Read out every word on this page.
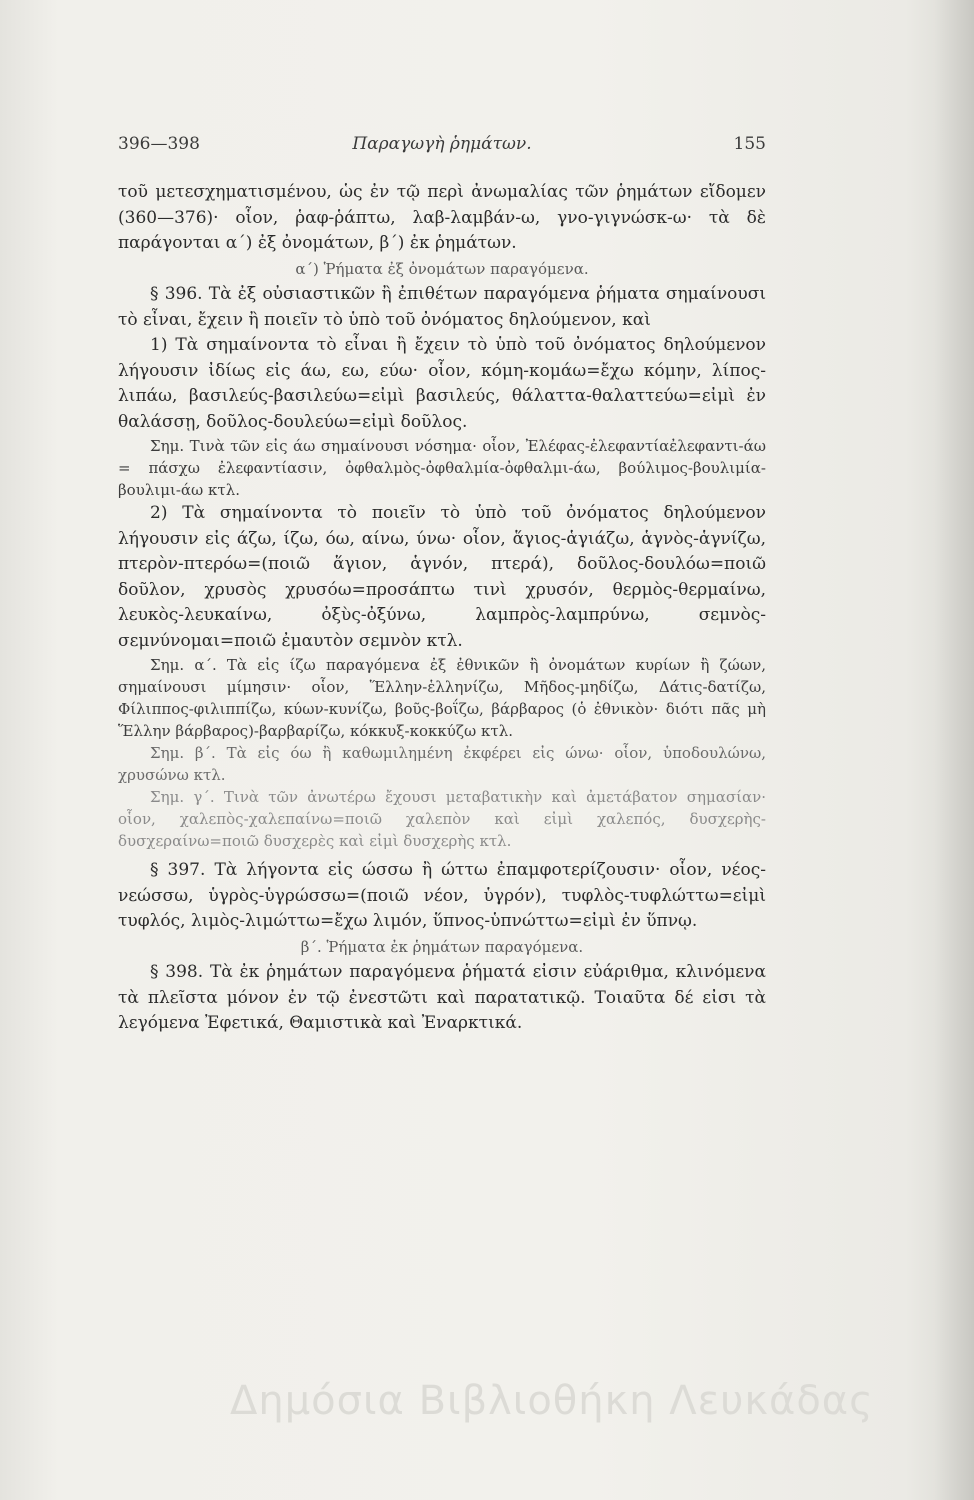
396—398	Παραγωγὴ ῥημάτων.	155

τοῦ μετεσχηματισμένου, ὡς ἐν τῷ περὶ ἀνωμαλίας τῶν ῥημάτων εἴδομεν (360—376)· οἷον, ῥαφ-ῥάπτω, λαβ-λαμβάν-ω, γνο-γιγνώσκ-ω· τὰ δὲ παράγονται α΄) ἐξ ὀνομάτων, β΄) ἐκ ῥημάτων.

α΄) Ῥήματα ἐξ ὀνομάτων παραγόμενα.

§ 396. Τὰ ἐξ οὐσιαστικῶν ἢ ἐπιθέτων παραγόμενα ῥήματα σημαίνουσι τὸ εἶναι, ἔχειν ἢ ποιεῖν τὸ ὑπὸ τοῦ ὀνόματος δηλούμενον, καὶ

1) Τὰ σημαίνοντα τὸ εἶναι ἢ ἔχειν τὸ ὑπὸ τοῦ ὀνόματος δηλούμενον λήγουσιν ἰδίως εἰς άω, εω, εύω· οἷον, κόμη-κομάω=ἔχω κόμην, λίπος-λιπάω, βασιλεύς-βασιλεύω=εἰμὶ βασιλεύς, θάλαττα-θαλαττεύω=εἰμὶ ἐν θαλάσσῃ, δοῦλος-δουλεύω=εἰμὶ δοῦλος.

Σημ. Τινὰ τῶν εἰς άω σημαίνουσι νόσημα· οἷον, Ἐλέφας-ἐλεφαντίαἐλεφαντι-άω = πάσχω ἐλεφαντίασιν, ὀφθαλμὸς-ὀφθαλμία-ὀφθαλμι-άω, βούλιμος-βουλιμία-βουλιμι-άω κτλ.

2) Τὰ σημαίνοντα τὸ ποιεῖν τὸ ὑπὸ τοῦ ὀνόματος δηλούμενον λήγουσιν εἰς άζω, ίζω, όω, αίνω, ύνω· οἷον, ἅγιος-ἁγιάζω, ἁγνὸς-ἁγνίζω, πτερὸν-πτερόω=(ποιῶ ἅγιον, ἁγνόν, πτερά), δοῦλος-δουλόω=ποιῶ δοῦλον, χρυσὸς χρυσόω=προσάπτω τινὶ χρυσόν, θερμὸς-θερμαίνω, λευκὸς-λευκαίνω, ὀξὺς-ὀξύνω, λαμπρὸς-λαμπρύνω, σεμνὸς-σεμνύνομαι=ποιῶ ἐμαυτὸν σεμνὸν κτλ.

Σημ. α΄. Τὰ εἰς ίζω παραγόμενα ἐξ ἐθνικῶν ἢ ὀνομάτων κυρίων ἢ ζώων, σημαίνουσι μίμησιν· οἷον, Ἕλλην-ἑλληνίζω, Μῆδος-μηδίζω, Δάτις-δατίζω, Φίλιππος-φιλιππίζω, κύων-κυνίζω, βοῦς-βοΐζω, βάρβαρος (ὁ ἐθνικὸν· διότι πᾶς μὴ Ἕλλην βάρβαρος)-βαρβαρίζω, κόκκυξ-κοκκύζω κτλ.

Σημ. β΄. Τὰ εἰς όω ἢ καθωμιλημένη ἐκφέρει εἰς ώνω· οἷον, ὑποδουλώνω, χρυσώνω κτλ.

Σημ. γ΄. Τινὰ τῶν ἀνωτέρω ἔχουσι μεταβατικὴν καὶ ἀμετάβατον σημασίαν· οἷον, χαλεπὸς-χαλεπαίνω=ποιῶ χαλεπὸν καὶ εἰμὶ χαλεπός, δυσχερὴς-δυσχεραίνω=ποιῶ δυσχερὲς καὶ εἰμὶ δυσχερὴς κτλ.

§ 397. Τὰ λήγοντα εἰς ώσσω ἢ ώττω ἐπαμφοτερίζουσιν· οἷον, νέος-νεώσσω, ὑγρὸς-ὑγρώσσω=(ποιῶ νέον, ὑγρόν), τυφλὸς-τυφλώττω=εἰμὶ τυφλός, λιμὸς-λιμώττω=ἔχω λιμόν, ὕπνος-ὑπνώττω=εἰμὶ ἐν ὕπνῳ.

β΄. Ῥήματα ἐκ ῥημάτων παραγόμενα.

§ 398. Τὰ ἐκ ῥημάτων παραγόμενα ῥήματά εἰσιν εὐάριθμα, κλινόμενα τὰ πλεῖστα μόνον ἐν τῷ ἐνεστῶτι καὶ παρατατικῷ. Τοιαῦτα δέ εἰσι τὰ λεγόμενα Ἐφετικά, Θαμιστικὰ καὶ Ἐναρκτικά.

Δημόσια Βιβλιοθήκη Λευκάδας
